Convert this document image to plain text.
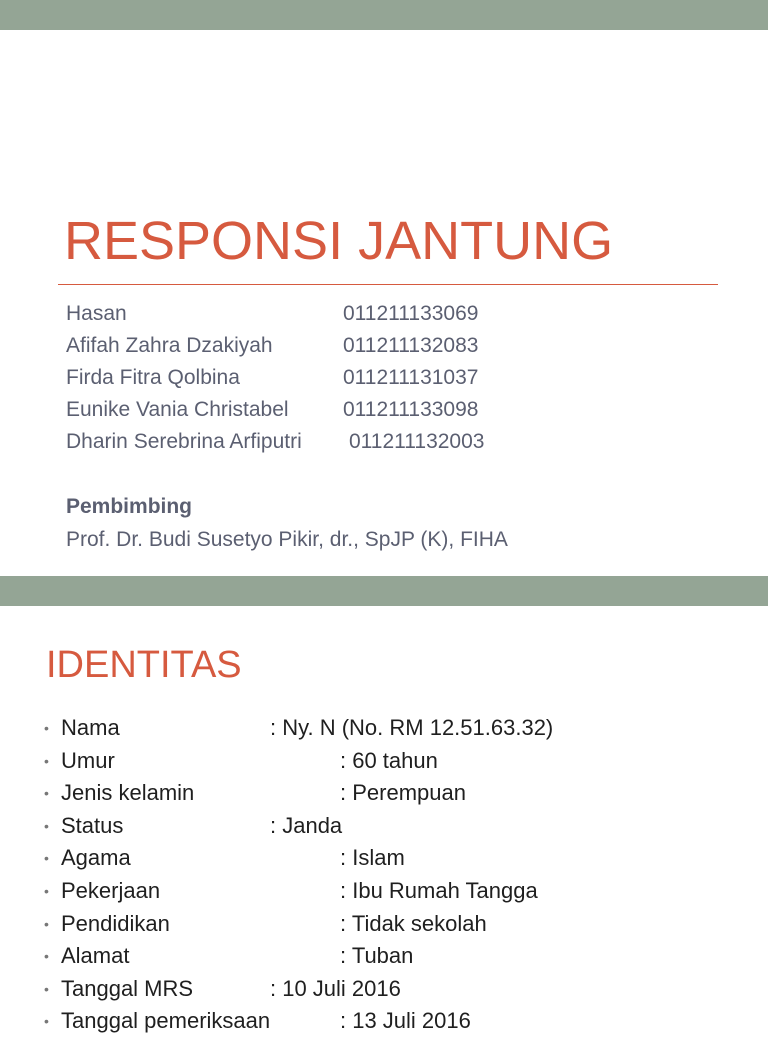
RESPONSI JANTUNG
Hasan	011211133069
Afifah Zahra Dzakiyah	011211132083
Firda Fitra Qolbina	011211131037
Eunike Vania Christabel	011211133098
Dharin Serebrina Arfiputri 011211132003
Pembimbing
Prof. Dr. Budi Susetyo Pikir, dr., SpJP (K), FIHA
IDENTITAS
• Nama	: Ny. N (No. RM 12.51.63.32)
• Umur	: 60 tahun
• Jenis kelamin	: Perempuan
• Status	: Janda
• Agama	: Islam
• Pekerjaan	: Ibu Rumah Tangga
• Pendidikan	: Tidak sekolah
• Alamat	: Tuban
• Tanggal MRS	: 10 Juli 2016
• Tanggal pemeriksaan	: 13 Juli 2016
